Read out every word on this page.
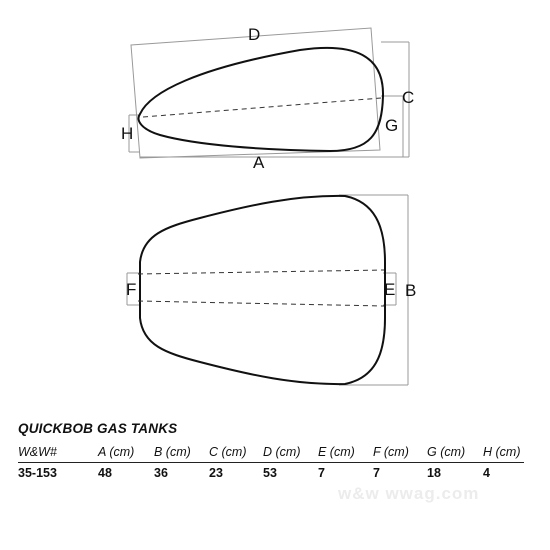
D
C
G
H
A
F	E B
QUICKBOB GAS TANKS
W&W#	A (cm) B (cm) C (cm) D (cm) E (cm) F (cm) G (cm) H (cm)
35-153	48	36	23	53	7	7	18	4
w&w wwag.com
